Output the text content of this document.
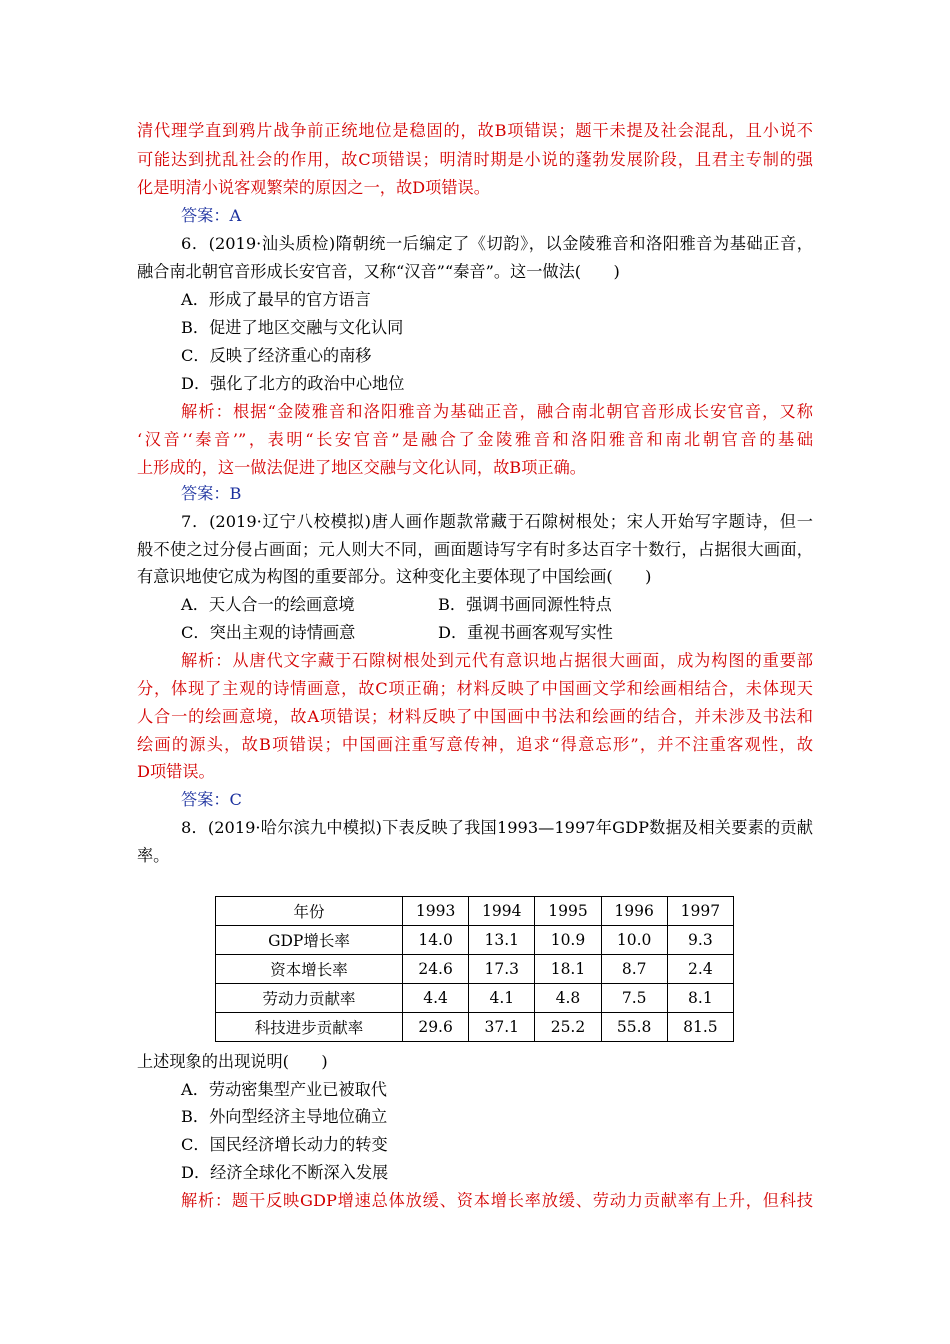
清代理学直到鸦片战争前正统地位是稳固的，故B项错误；题干未提及社会混乱，且小说不
可能达到扰乱社会的作用，故C项错误；明清时期是小说的蓬勃发展阶段，且君主专制的强
化是明清小说客观繁荣的原因之一，故D项错误。
答案：A
6．(2019·汕头质检)隋朝统一后编定了《切韵》，以金陵雅音和洛阳雅音为基础正音，
融合南北朝官音形成长安官音，又称“汉音”“秦音”。这一做法(　　)
A．形成了最早的官方语言
B．促进了地区交融与文化认同
C．反映了经济重心的南移
D．强化了北方的政治中心地位
解析：根据“金陵雅音和洛阳雅音为基础正音，融合南北朝官音形成长安官音，又称
‘汉音’‘秦音’”，表明“长安官音”是融合了金陵雅音和洛阳雅音和南北朝官音的基础
上形成的，这一做法促进了地区交融与文化认同，故B项正确。
答案：B
7．(2019·辽宁八校模拟)唐人画作题款常藏于石隙树根处；宋人开始写字题诗，但一
般不使之过分侵占画面；元人则大不同，画面题诗写字有时多达百字十数行，占据很大画面，
有意识地使它成为构图的重要部分。这种变化主要体现了中国绘画(　　)
A．天人合一的绘画意境	B．强调书画同源性特点
C．突出主观的诗情画意	D．重视书画客观写实性
解析：从唐代文字藏于石隙树根处到元代有意识地占据很大画面，成为构图的重要部
分，体现了主观的诗情画意，故C项正确；材料反映了中国画文学和绘画相结合，未体现天
人合一的绘画意境，故A项错误；材料反映了中国画中书法和绘画的结合，并未涉及书法和
绘画的源头，故B项错误；中国画注重写意传神，追求“得意忘形”，并不注重客观性，故
D项错误。
答案：C
8．(2019·哈尔滨九中模拟)下表反映了我国1993—1997年GDP数据及相关要素的贡献
率。
年份	1993	1994	1995	1996	1997
GDP增长率	14.0	13.1	10.9	10.0	9.3
资本增长率	24.6	17.3	18.1	8.7	2.4
劳动力贡献率	4.4	4.1	4.8	7.5	8.1
科技进步贡献率	29.6	37.1	25.2	55.8	81.5
上述现象的出现说明(　　)
A．劳动密集型产业已被取代
B．外向型经济主导地位确立
C．国民经济增长动力的转变
D．经济全球化不断深入发展
解析：题干反映GDP增速总体放缓、资本增长率放缓、劳动力贡献率有上升，但科技
